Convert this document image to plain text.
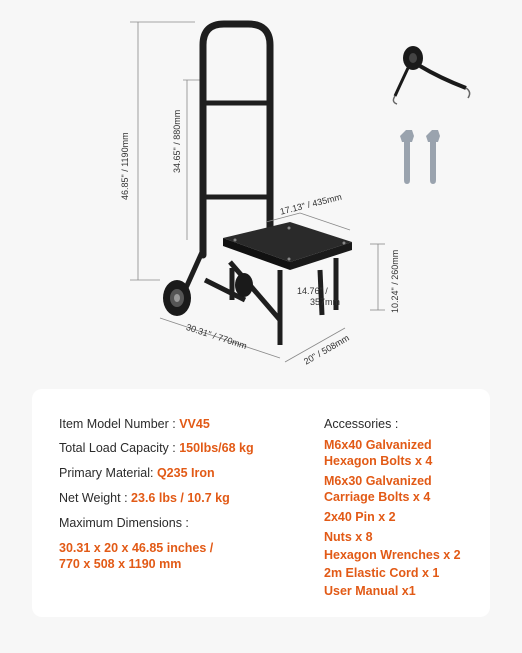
46.85" / 1190mm	34.65" / 880mm
17.13" / 435mm
10.24" / 260mm
14.76" /
357mm
30.31" / 770mm	20" / 508mm
Item Model Number : VV45
Total Load Capacity : 150lbs/68 kg
Primary Material: Q235 Iron
Net Weight : 23.6 lbs / 10.7 kg
Maximum Dimensions :
30.31 x 20 x 46.85 inches /
770 x 508 x 1190 mm
Accessories :
M6x40 Galvanized
Hexagon Bolts x 4
M6x30 Galvanized
Carriage Bolts x 4
2x40 Pin x 2
Nuts x 8
Hexagon Wrenches x 2
2m Elastic Cord x 1
User Manual x1
